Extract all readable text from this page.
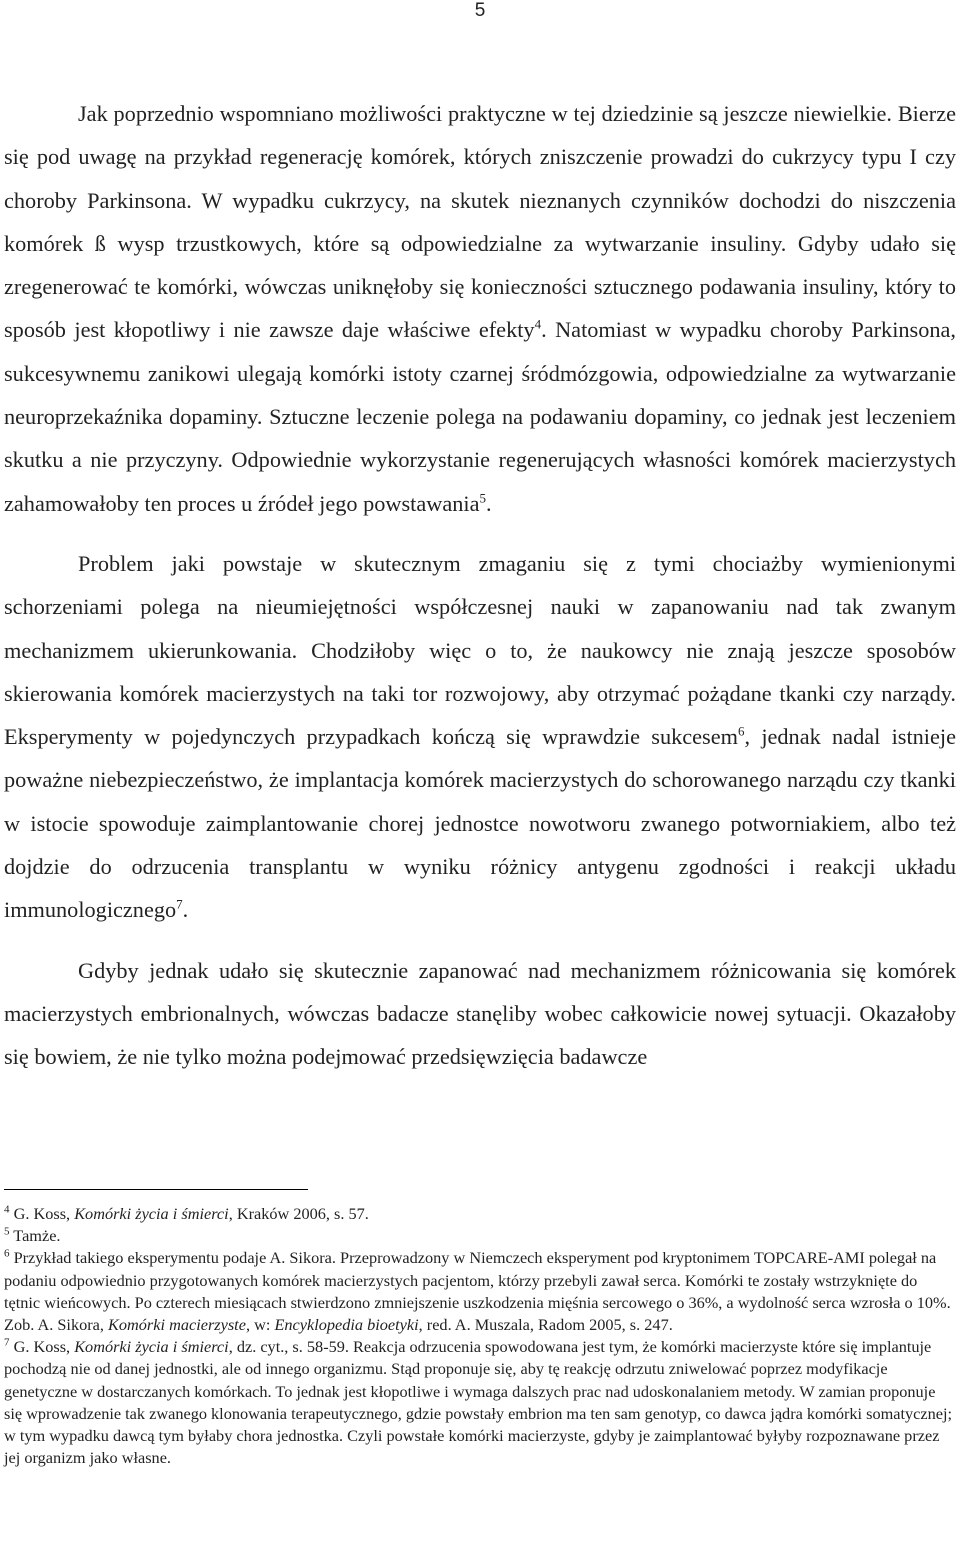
5

Jak poprzednio wspomniano możliwości praktyczne w tej dziedzinie są jeszcze niewielkie. Bierze się pod uwagę na przykład regenerację komórek, których zniszczenie prowadzi do cukrzycy typu I czy choroby Parkinsona. W wypadku cukrzycy, na skutek nieznanych czynników dochodzi do niszczenia komórek ß wysp trzustkowych, które są odpowiedzialne za wytwarzanie insuliny. Gdyby udało się zregenerować te komórki, wówczas uniknęłoby się konieczności sztucznego podawania insuliny, który to sposób jest kłopotliwy i nie zawsze daje właściwe efekty$^4$. Natomiast w wypadku choroby Parkinsona, sukcesywnemu zanikowi ulegają komórki istoty czarnej śródmózgowia, odpowiedzialne za wytwarzanie neuroprzekaźnika dopaminy. Sztuczne leczenie polega na podawaniu dopaminy, co jednak jest leczeniem skutku a nie przyczyny. Odpowiednie wykorzystanie regenerujących własności komórek macierzystych zahamowałoby ten proces u źródeł jego powstawania$^5$.

Problem jaki powstaje w skutecznym zmaganiu się z tymi chociażby wymienionymi schorzeniami polega na nieumiejętności współczesnej nauki w zapanowaniu nad tak zwanym mechanizmem ukierunkowania. Chodziłoby więc o to, że naukowcy nie znają jeszcze sposobów skierowania komórek macierzystych na taki tor rozwojowy, aby otrzymać pożądane tkanki czy narządy. Eksperymenty w pojedynczych przypadkach kończą się wprawdzie sukcesem$^6$, jednak nadal istnieje poważne niebezpieczeństwo, że implantacja komórek macierzystych do schorowanego narządu czy tkanki w istocie spowoduje zaimplantowanie chorej jednostce nowotworu zwanego potworniakiem, albo też dojdzie do odrzucenia transplantu w wyniku różnicy antygenu zgodności i reakcji układu immunologicznego$^7$.

Gdyby jednak udało się skutecznie zapanować nad mechanizmem różnicowania się komórek macierzystych embrionalnych, wówczas badacze stanęliby wobec całkowicie nowej sytuacji. Okazałoby się bowiem, że nie tylko można podejmować przedsięwzięcia badawcze

$^4$ G. Koss, Komórki życia i śmierci, Kraków 2006, s. 57.

$^5$ Tamże.

$^6$ Przykład takiego eksperymentu podaje A. Sikora. Przeprowadzony w Niemczech eksperyment pod kryptonimem TOPCARE-AMI polegał na podaniu odpowiednio przygotowanych komórek macierzystych pacjentom, którzy przebyli zawał serca. Komórki te zostały wstrzyknięte do tętnic wieńcowych. Po czterech miesiącach stwierdzono zmniejszenie uszkodzenia mięśnia sercowego o 36%, a wydolność serca wzrosła o 10%. Zob. A. Sikora, Komórki macierzyste, w: Encyklopedia bioetyki, red. A. Muszala, Radom 2005, s. 247.

$^7$ G. Koss, Komórki życia i śmierci, dz. cyt., s. 58-59. Reakcja odrzucenia spowodowana jest tym, że komórki macierzyste które się implantuje pochodzą nie od danej jednostki, ale od innego organizmu. Stąd proponuje się, aby tę reakcję odrzutu zniwelować poprzez modyfikacje genetyczne w dostarczanych komórkach. To jednak jest kłopotliwe i wymaga dalszych prac nad udoskonalaniem metody. W zamian proponuje się wprowadzenie tak zwanego klonowania terapeutycznego, gdzie powstały embrion ma ten sam genotyp, co dawca jądra komórki somatycznej; w tym wypadku dawcą tym byłaby chora jednostka. Czyli powstałe komórki macierzyste, gdyby je zaimplantować byłyby rozpoznawane przez jej organizm jako własne.
